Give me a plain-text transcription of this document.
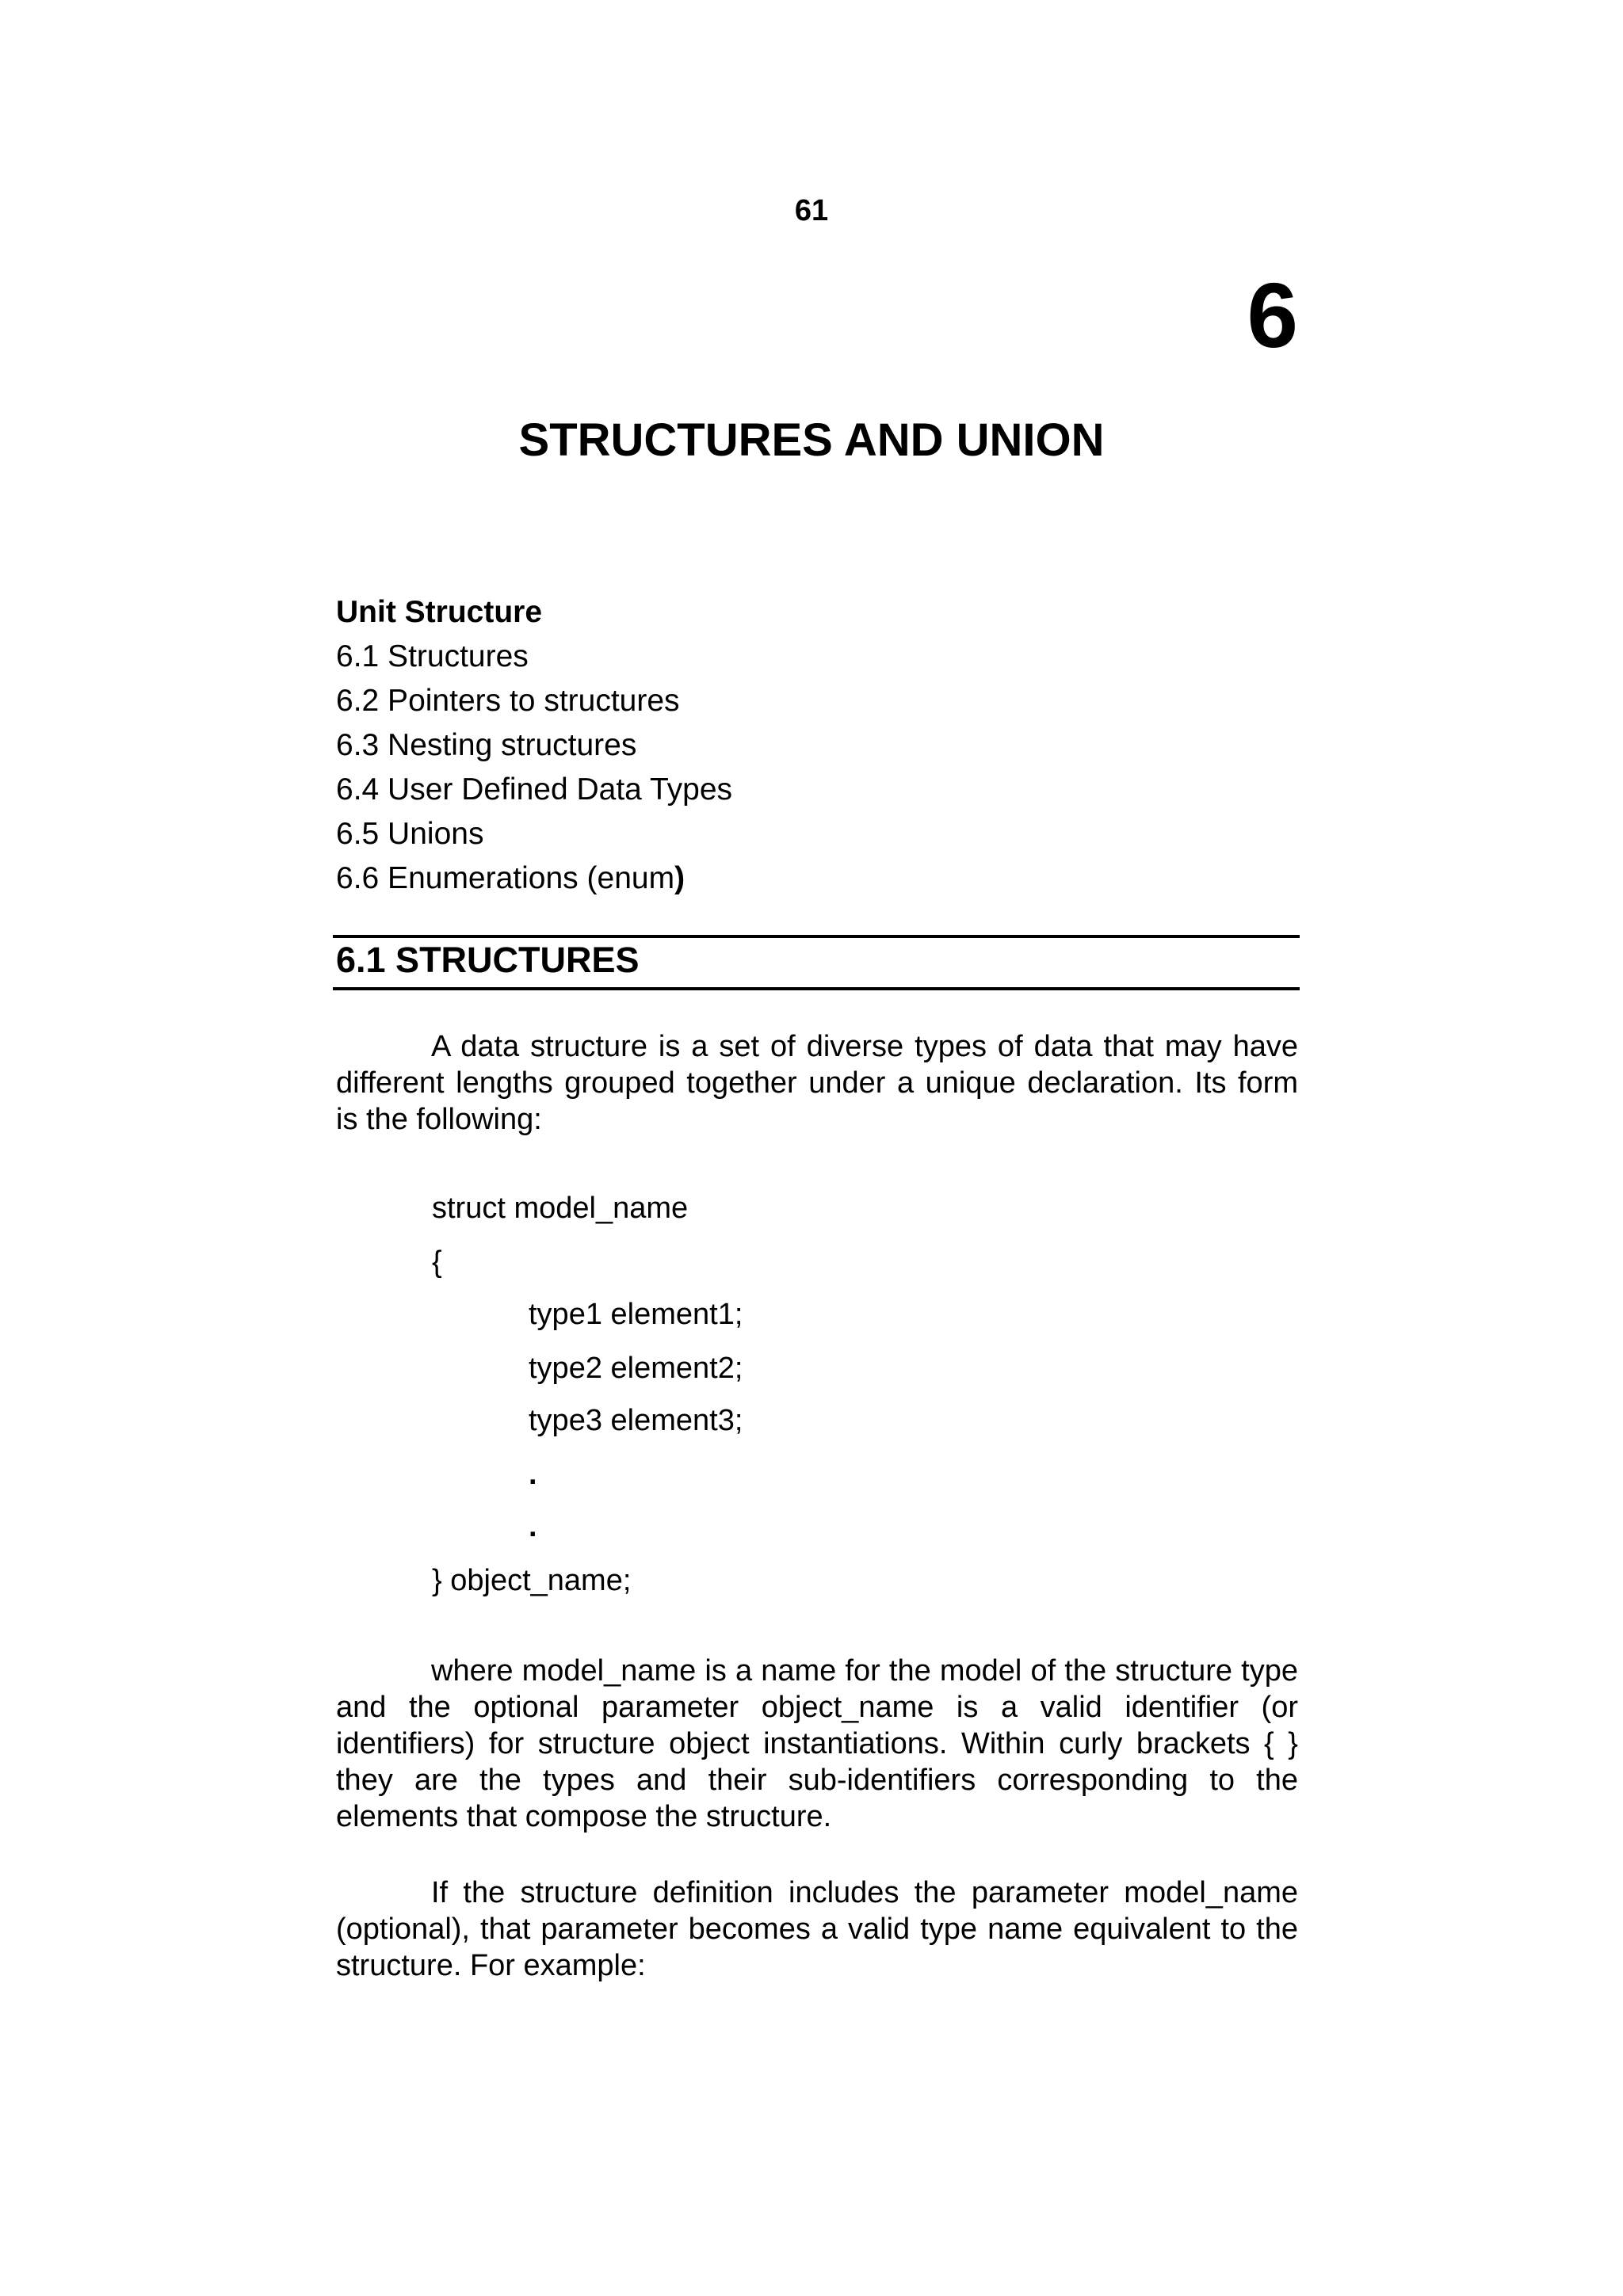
61
6
STRUCTURES AND UNION
Unit Structure
6.1 Structures
6.2 Pointers to structures
6.3 Nesting structures
6.4 User Defined Data Types
6.5 Unions
6.6 Enumerations (enum)
6.1 STRUCTURES
A data structure is a set of diverse types of data that may have different lengths grouped together under a unique declaration. Its form is the following:
struct model_name
{
type1 element1;
type2 element2;
type3 element3;
.
.
} object_name;
where model_name is a name for the model of the structure type and the optional parameter object_name is a valid identifier (or identifiers) for structure object instantiations. Within curly brackets { } they are the types and their sub-identifiers corresponding to the elements that compose the structure.
If the structure definition includes the parameter model_name (optional), that parameter becomes a valid type name equivalent to the structure. For example:
